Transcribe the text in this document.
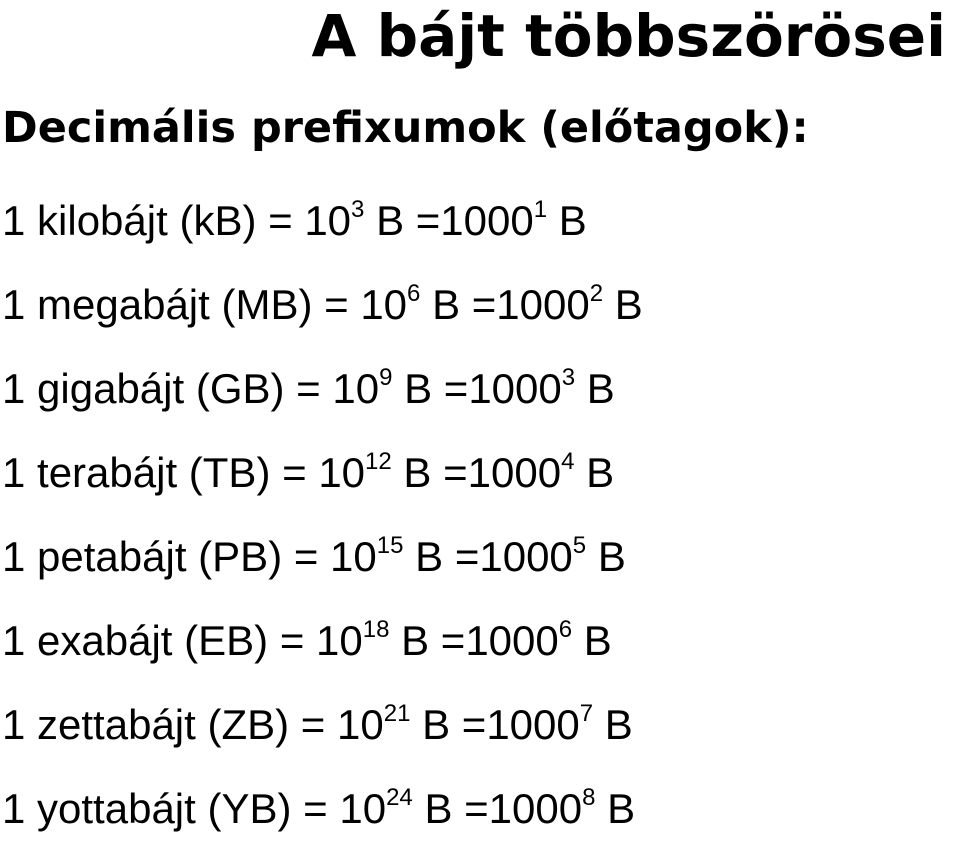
A bájt többszörösei
Decimális prefixumok (előtagok):
1 kilobájt $(kB) = 10^3$ $B =1000^1$ B
1 megabájt $(MB) = 10^6$ $B =1000^2$ B
1 gigabájt $(GB) = 10^9$ $B =1000^3$ B
1 terabájt $(TB) = 10^{12}$ $B =1000^4$ B
1 petabájt $(PB) = 10^{15}$ $B =1000^5$ B
1 exabájt $(EB) = 10^{18}$ $B =1000^6$ B
1 zettabájt $(ZB) = 10^{21}$ $B =1000^7$ B
1 yottabájt $(YB) = 10^{24}$ $B =1000^8$ B
